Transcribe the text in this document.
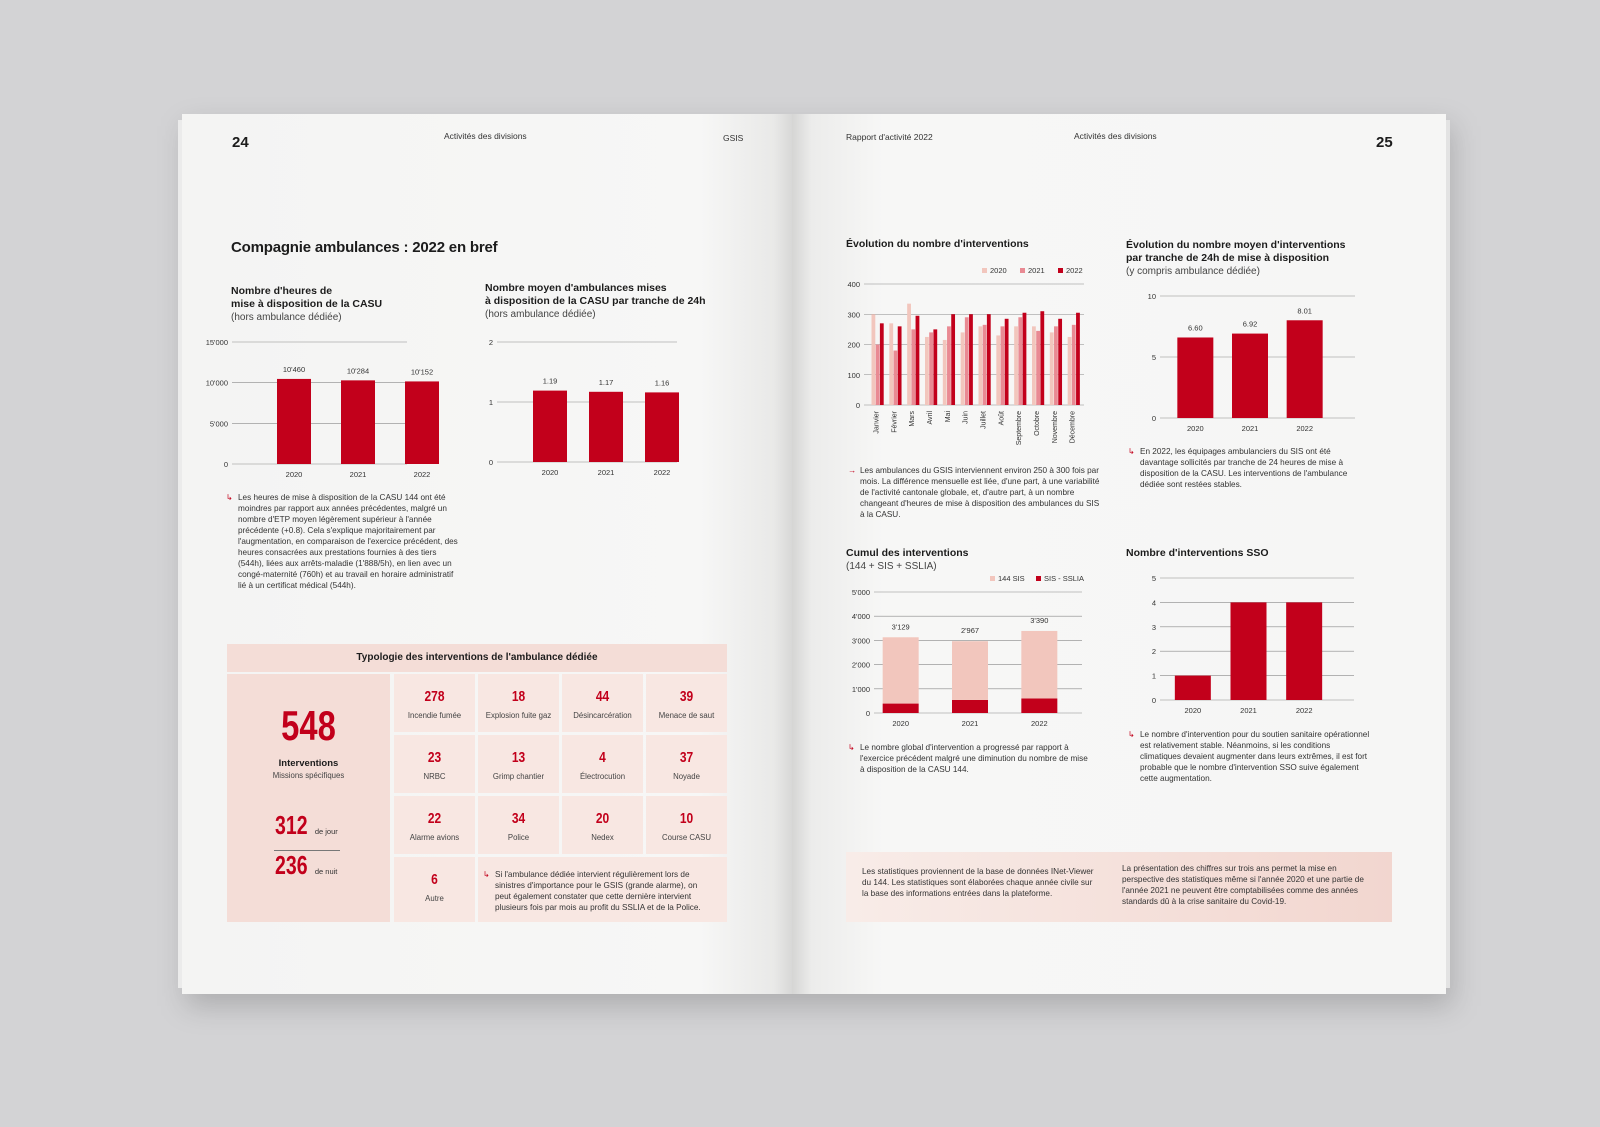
24	Activités des divisions	GSIS
Compagnie ambulances : 2022 en bref
Nombre d'heures de
mise à disposition de la CASU
(hors ambulance dédiée)
0
5'000
10'000
15'000
2020
10'460
2021
10'284
2022
10'152
↳ Les heures de mise à disposition de la CASU 144 ont été moindres par rapport aux années précédentes, malgré un nombre d'ETP moyen légèrement supérieur à l'année précédente (+0.8). Cela s'explique majoritairement par l'augmentation, en comparaison de l'exercice précédent, des heures consacrées aux prestations fournies à des tiers (544h), liées aux arrêts-maladie (1'888/5h), en lien avec un congé-maternité (760h) et au travail en horaire administratif lié à un certificat médical (544h).
Nombre moyen d'ambulances mises
à disposition de la CASU par tranche de 24h
(hors ambulance dédiée)
0
1
2
2020
1.19
2021
1.17
2022
1.16
Typologie des interventions de l'ambulance dédiée
548
Interventions
Missions spécifiques
312 de jour
236 de nuit
278
Incendie fumée
18
Explosion fuite gaz
44
Désincarcération
39
Menace de saut
23
NRBC
13
Grimp chantier
4
Électrocution
37
Noyade
22
Alarme avions
34
Police
20
Nedex
10
Course CASU
6
Autre
↳ Si l'ambulance dédiée intervient régulièrement lors de sinistres d'importance pour le GSIS (grande alarme), on peut également constater que cette dernière intervient plusieurs fois par mois au profit du SSLIA et de la Police.
Rapport d'activité 2022	Activités des divisions	25
Évolution du nombre d'interventions
0
100
200
300
400
Janvier Février Mars Avril Mai Juin Juillet Août Septembre Octobre Novembre Décembre
2020	2021	2022
→ Les ambulances du GSIS interviennent environ 250 à 300 fois par mois. La différence mensuelle est liée, d'une part, à une variabilité de l'activité cantonale globale, et, d'autre part, à un nombre changeant d'heures de mise à disposition des ambulances du SIS à la CASU.
Évolution du nombre moyen d'interventions
par tranche de 24h de mise à disposition
(y compris ambulance dédiée)
0
5
10
2020
6.60
2021
6.92
2022
8.01
↳ En 2022, les équipages ambulanciers du SIS ont été davantage sollicités par tranche de 24 heures de mise à disposition de la CASU. Les interventions de l'ambulance dédiée sont restées stables.
Cumul des interventions
(144 + SIS + SSLIA)
0
1'000
2'000
3'000
4'000
5'000
3'129
2020
2'967
2021
3'390
2022
144 SIS	SIS - SSLIA
↳ Le nombre global d'intervention a progressé par rapport à l'exercice précédent malgré une diminution du nombre de mise à disposition de la CASU 144.
Nombre d'interventions SSO
0
1
2
3
4
5
2020	2021	2022
↳ Le nombre d'intervention pour du soutien sanitaire opérationnel est relativement stable. Néanmoins, si les conditions climatiques devaient augmenter dans leurs extrêmes, il est fort probable que le nombre d'intervention SSO suive également cette augmentation.
Les statistiques proviennent de la base de données INet-Viewer du 144. Les statistiques sont élaborées chaque année civile sur la base des informations entrées dans la plateforme.
La présentation des chiffres sur trois ans permet la mise en perspective des statistiques même si l'année 2020 et une partie de l'année 2021 ne peuvent être comptabilisées comme des années standards dû à la crise sanitaire du Covid-19.
